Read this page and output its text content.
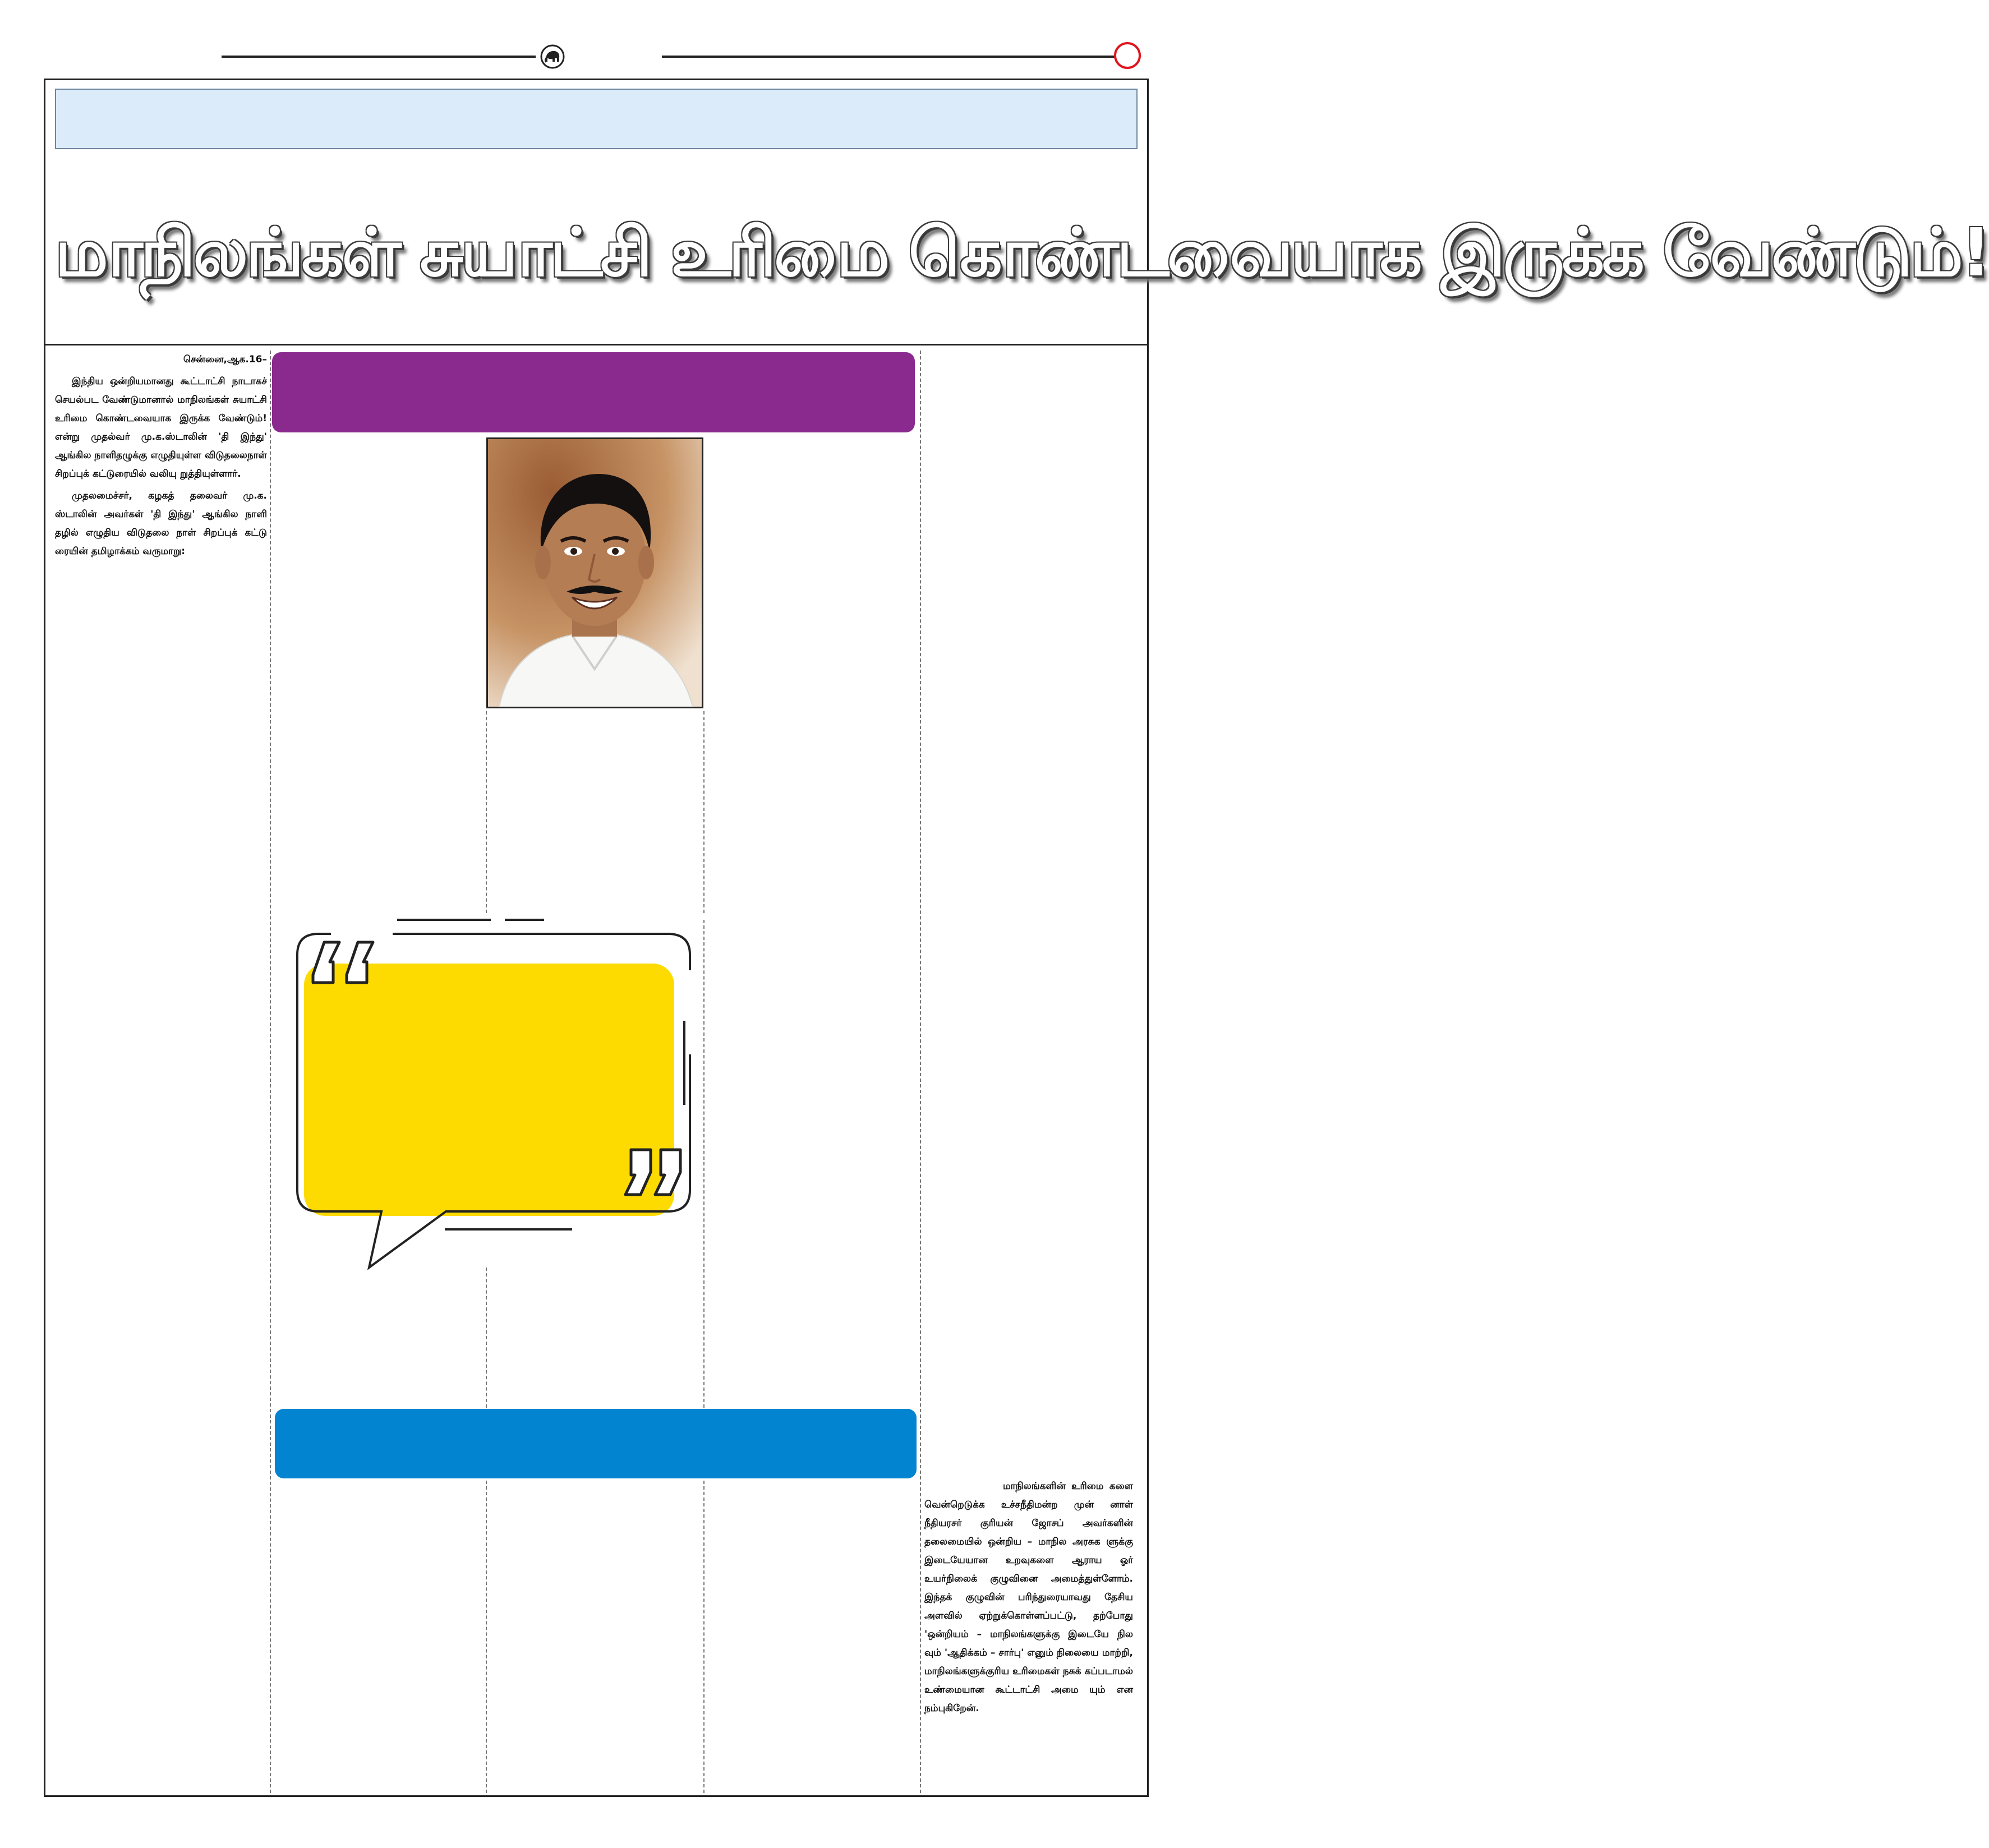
மாநிலங்கள் சுயாட்சி உரிமை கொண்டவையாக இருக்க வேண்டும்!

சென்னை,ஆக.16–

இந்திய ஒன்றியமானது கூட்டாட்சி நாடாகச் செயல்பட வேண்டுமானால் மாநிலங்கள் சுயாட்சி உரிமை கொண்டவையாக இருக்க வேண்டும்! என்று முதல்வர் மு.க.ஸ்டாலின் 'தி இந்து' ஆங்கில நாளிதழுக்கு எழுதியுள்ள விடுதலைநாள் சிறப்புக் கட்டுரையில் வலியு றுத்தியுள்ளார்.

முதலமைச்சர், கழகத் தலைவர் மு.க. ஸ்டாலின் அவர்கள் 'தி இந்து' ஆங்கில நாளி தழில் எழுதிய விடுதலை நாள் சிறப்புக் கட்டு ரையின் தமிழாக்கம் வருமாறு:

மாநிலங்களின் உரிமை களை வென்றெடுக்க உச்சநீதிமன்ற முன் னாள் நீதியரசர் குரியன் ஜோசப் அவர்களின் தலைமையில் ஒன்றிய – மாநில அரசுக ளுக்கு இடையேயான உறவுகளை ஆராய ஓர் உயர்நிலைக் குழுவினை அமைத்துள்ளோம். இந்தக் குழுவின் பரிந்துரையாவது தேசிய அளவில் ஏற்றுக்கொள்ளப்பட்டு, தற்போது 'ஒன்றியம் – மாநிலங்களுக்கு இடையே நில வும் 'ஆதிக்கம் – சார்பு' எனும் நிலையை மாற்றி, மாநிலங்களுக்குரிய உரிமைகள் நசுக் கப்படாமல் உண்மையான கூட்டாட்சி அமை யும் என நம்புகிறேன்.
